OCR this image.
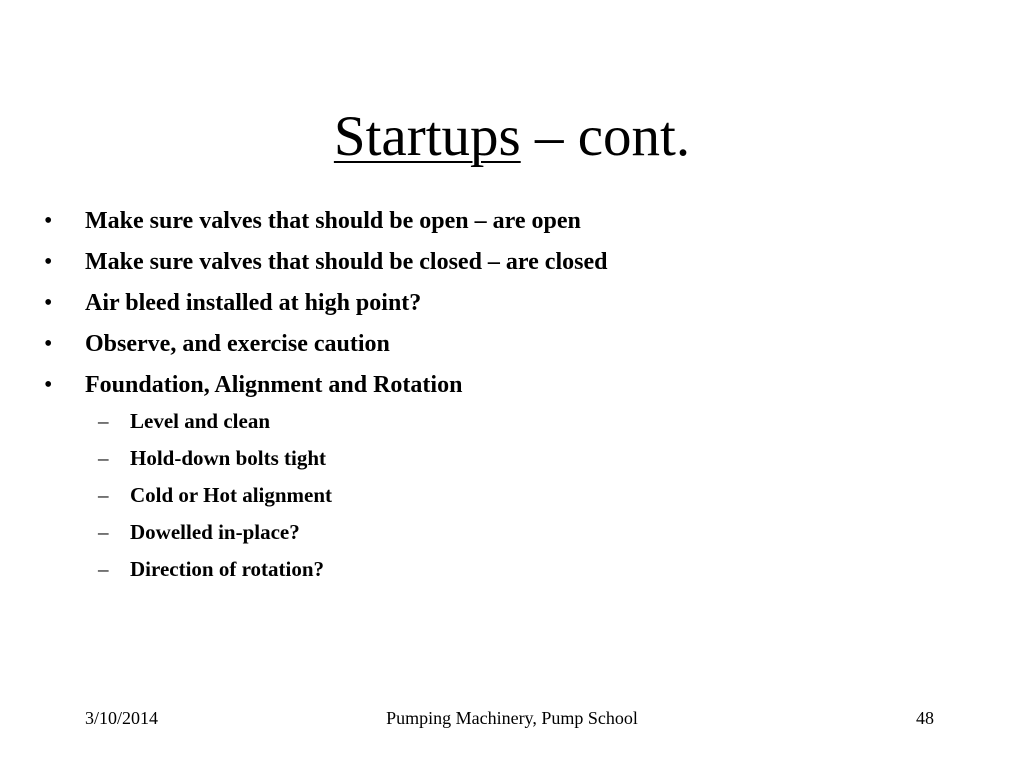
Startups – cont.
• Make sure valves that should be open – are open
• Make sure valves that should be closed – are closed
• Air bleed installed at high point?
• Observe, and exercise caution
• Foundation, Alignment and Rotation
– Level and clean
– Hold-down bolts tight
– Cold or Hot alignment
– Dowelled in-place?
– Direction of rotation?
3/10/2014	Pumping Machinery, Pump School	48
